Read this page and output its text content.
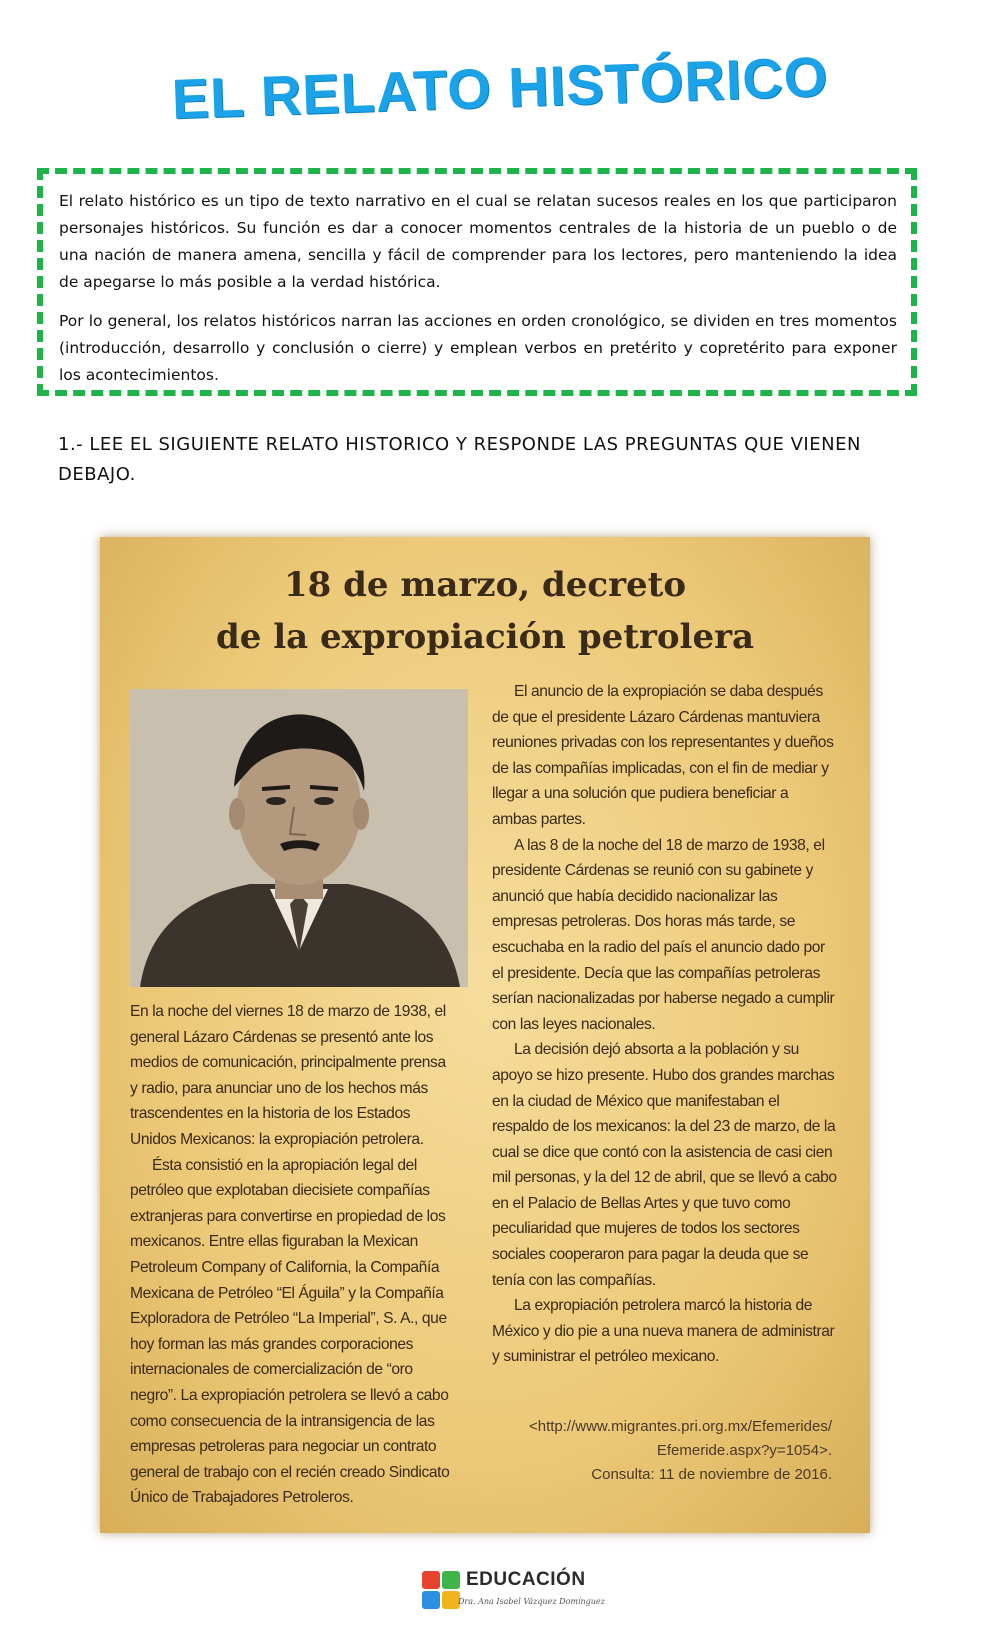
EL RELATO HISTÓRICO

El relato histórico es un tipo de texto narrativo en el cual se relatan sucesos reales en los que participaron personajes históricos. Su función es dar a conocer momentos centrales de la historia de un pueblo o de una nación de manera amena, sencilla y fácil de comprender para los lectores, pero manteniendo la idea de apegarse lo más posible a la verdad histórica.

Por lo general, los relatos históricos narran las acciones en orden cronológico, se dividen en tres momentos (introducción, desarrollo y conclusión o cierre) y emplean verbos en pretérito y copretérito para exponer los acontecimientos.

1.- LEE EL SIGUIENTE RELATO HISTORICO Y RESPONDE LAS PREGUNTAS QUE VIENEN DEBAJO.
18 de marzo, decreto
de la expropiación petrolera

En la noche del viernes 18 de marzo de 1938, el general Lázaro Cárdenas se presentó ante los medios de comunicación, principalmente prensa y radio, para anunciar uno de los hechos más trascendentes en la historia de los Estados Unidos Mexicanos: la expropiación petrolera.

Ésta consistió en la apropiación legal del petróleo que explotaban diecisiete compañías extranjeras para convertirse en propiedad de los mexicanos. Entre ellas figuraban la Mexican Petroleum Company of California, la Compañía Mexicana de Petróleo “El Águila” y la Compañía Exploradora de Petróleo “La Imperial”, S. A., que hoy forman las más grandes corporaciones internacionales de comercialización de “oro negro”. La expropiación petrolera se llevó a cabo como consecuencia de la intransigencia de las empresas petroleras para negociar un contrato general de trabajo con el recién creado Sindicato Único de Trabajadores Petroleros.

El anuncio de la expropiación se daba después de que el presidente Lázaro Cárdenas mantuviera reuniones privadas con los representantes y dueños de las compañías implicadas, con el fin de mediar y llegar a una solución que pudiera beneficiar a ambas partes.

A las 8 de la noche del 18 de marzo de 1938, el presidente Cárdenas se reunió con su gabinete y anunció que había decidido nacionalizar las empresas petroleras. Dos horas más tarde, se escuchaba en la radio del país el anuncio dado por el presidente. Decía que las compañías petroleras serían nacionalizadas por haberse negado a cumplir con las leyes nacionales.

La decisión dejó absorta a la población y su apoyo se hizo presente. Hubo dos grandes marchas en la ciudad de México que manifestaban el respaldo de los mexicanos: la del 23 de marzo, de la cual se dice que contó con la asistencia de casi cien mil personas, y la del 12 de abril, que se llevó a cabo en el Palacio de Bellas Artes y que tuvo como peculiaridad que mujeres de todos los sectores sociales cooperaron para pagar la deuda que se tenía con las compañías.

La expropiación petrolera marcó la historia de México y dio pie a una nueva manera de administrar y suministrar el petróleo mexicano.

<http://www.migrantes.pri.org.mx/Efemerides/
Efemeride.aspx?y=1054>.
Consulta: 11 de noviembre de 2016.
EDUCACIÓN
Dra. Ana Isabel Vázquez Domínguez
